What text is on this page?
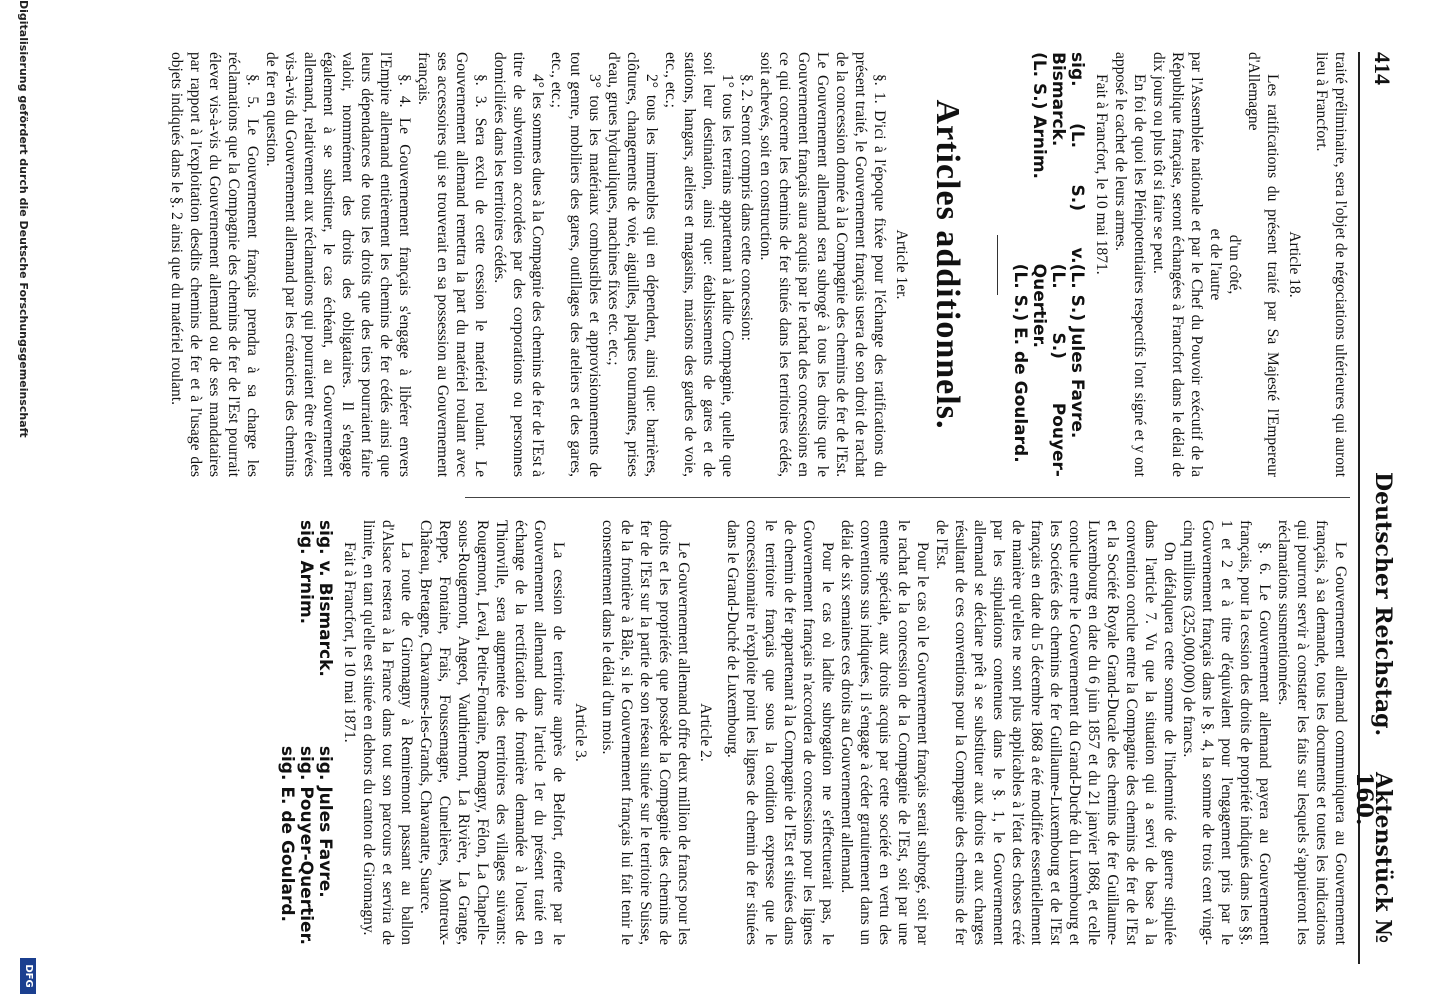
414
Deutscher Reichstag.
Aktenstück № 160.

traité préliminaire, sera l'objet de négociations ultérieures qui auront lieu à Francfort.

Article 18.

Les ratifications du présent traité par Sa Majesté l'Empereur d'Allemagne

d'un côté,

et de l'autre

par l'Assemblée nationale et par le Chef du Pouvoir exécutif de la République française, seront échangées à Francfort dans le délai de dix jours ou plus tôt si faire se peut.

En foi de quoi les Plénipotentiaires respectifs l'ont signé et y ont apposé le cachet de leurs armes.

Fait à Francfort, le 10 mai 1871.

sig. (L. S.) v. Bismarck.

(L. S.) Arnim.

(L. S.) Jules Favre.

(L. S.) Pouyer-Quertier.

(L. S.) E. de Goulard.

Articles additionnels.

Article 1er.

§. 1. D'ici à l'époque fixée pour l'échange des ratifications du présent traité, le Gouvernement français usera de son droit de rachat de la concession donnée à la Compagnie des chemins de fer de l'Est. Le Gouvernement allemand sera subrogé à tous les droits que le Gouvernement français aura acquis par le rachat des concessions en ce qui concerne les chemins de fer situés dans les territoires cédés, soit achevés, soit en construction.

§. 2. Seront compris dans cette concession:

1° tous les terrains appartenant à ladite Compagnie, quelle que soit leur destination, ainsi que: établissements de gares et de stations, hangars, ateliers et magasins, maisons des gardes de voie, etc., etc.;

2° tous les immeubles qui en dépendent, ainsi que: barrières, clôtures, changements de voie, aiguilles, plaques tournantes, prises d'eau, grues hydrauliques, machines fixes etc. etc.;

3° tous les matériaux combustibles et approvisionnements de tout genre, mobiliers des gares, outillages des ateliers et des gares, etc., etc.;

4° les sommes dues à la Compagnie des chemins de fer de l'Est à titre de subvention accordées par des corporations ou personnes domiciliées dans les territoires cédés.

§. 3. Sera exclu de cette cession le matériel roulant. Le Gouvernement allemand remettra la part du matériel roulant avec ses accessoires qui se trouverait en sa possession au Gouvernement français.

§. 4. Le Gouvernement français s'engage à libérer envers l'Empire allemand entièrement les chemins de fer cédés ainsi que leurs dépendances de tous les droits que des tiers pourraient faire valoir, nommément des droits des obligataires. Il s'engage également à se substituer, le cas échéant, au Gouvernement allemand, relativement aux réclamations qui pourraient être élevées vis-à-vis du Gouvernement allemand par les créanciers des chemins de fer en question.

§. 5. Le Gouvernement français prendra à sa charge les réclamations que la Compagnie des chemins de fer de l'Est pourrait élever vis-à-vis du Gouvernement allemand ou de ses mandataires par rapport à l'exploitation desdits chemins de fer et à l'usage des objets indiqués dans le §. 2 ainsi que du matériel roulant.

Le Gouvernement allemand communiquera au Gouvernement français, à sa demande, tous les documents et toutes les indications qui pourront servir à constater les faits sur lesquels s'appuieront les réclamations susmentionnées.

§. 6. Le Gouvernement allemand payera au Gouvernement français, pour la cession des droits de propriété indiqués dans les §§. 1 et 2 et à titre d'équivalent pour l'engagement pris par le Gouvernement français dans le §. 4, la somme de trois cent vingt-cinq millions (325,000,000) de francs.

On défalquera cette somme de l'indemnité de guerre stipulée dans l'article 7. Vu que la situation qui a servi de base à la convention conclue entre la Compagnie des chemins de fer de l'Est et la Société Royale Grand-Ducale des chemins de fer Guillaume-Luxembourg en date du 6 juin 1857 et du 21 janvier 1868, et celle conclue entre le Gouvernement du Grand-Duché du Luxembourg et les Sociétés des chemins de fer Guillaume-Luxembourg et de l'Est français en date du 5 décembre 1868 a été modifiée essentiellement de manière qu'elles ne sont plus applicables à l'état des choses créé par les stipulations contenues dans le §. 1, le Gouvernement allemand se déclare prêt à se substituer aux droits et aux charges résultant de ces conventions pour la Compagnie des chemins de fer de l'Est.

Pour le cas où le Gouvernement français serait subrogé, soit par le rachat de la concession de la Compagnie de l'Est, soit par une entente spéciale, aux droits acquis par cette société en vertu des conventions sus indiquées, il s'engage à céder gratuitement dans un délai de six semaines ces droits au Gouvernement allemand.

Pour le cas où ladite subrogation ne s'effectuerait pas, le Gouvernement français n'accordera de concessions pour les lignes de chemin de fer appartenant à la Compagnie de l'Est et situées dans le territoire français que sous la condition expresse que le concessionnaire n'exploite point les lignes de chemin de fer situées dans le Grand-Duché de Luxembourg.

Article 2.

Le Gouvernement allemand offre deux million de francs pour les droits et les propriétés que possède la Compagnie des chemins de fer de l'Est sur la partie de son réseau située sur le territoire Suisse, de la frontière à Bâle, si le Gouvernement français lui fait tenir le consentement dans le délai d'un mois.

Article 3.

La cession de territoire auprès de Belfort, offerte par le Gouvernement allemand dans l'article 1er du présent traité en échange de la rectification de frontière demandée à l'ouest de Thionville, sera augmentée des territoires des villages suivants: Rougemont, Leval, Petite-Fontaine, Romagny, Félon, La Chapelle-sous-Rougemont, Angeot, Vauthiermont, La Rivière, La Grange, Reppe, Fontaine, Frais, Foussemagne, Cunelières, Montreux-Château, Bretagne, Chavannes-les-Grands, Chavanatte, Suarce.

La route de Giromagny à Remiremont passant au ballon d'Alsace restera à la France dans tout son parcours et servira de limite, en tant qu'elle est située en dehors du canton de Giromagny.

Fait à Francfort, le 10 mai 1871.

sig. v. Bismarck.

sig. Arnim.

sig. Jules Favre.

sig. Pouyer-Quertier.

sig. E. de Goulard.

Digitalisierung gefördert durch die Deutsche Forschungsgemeinschaft
DFG
